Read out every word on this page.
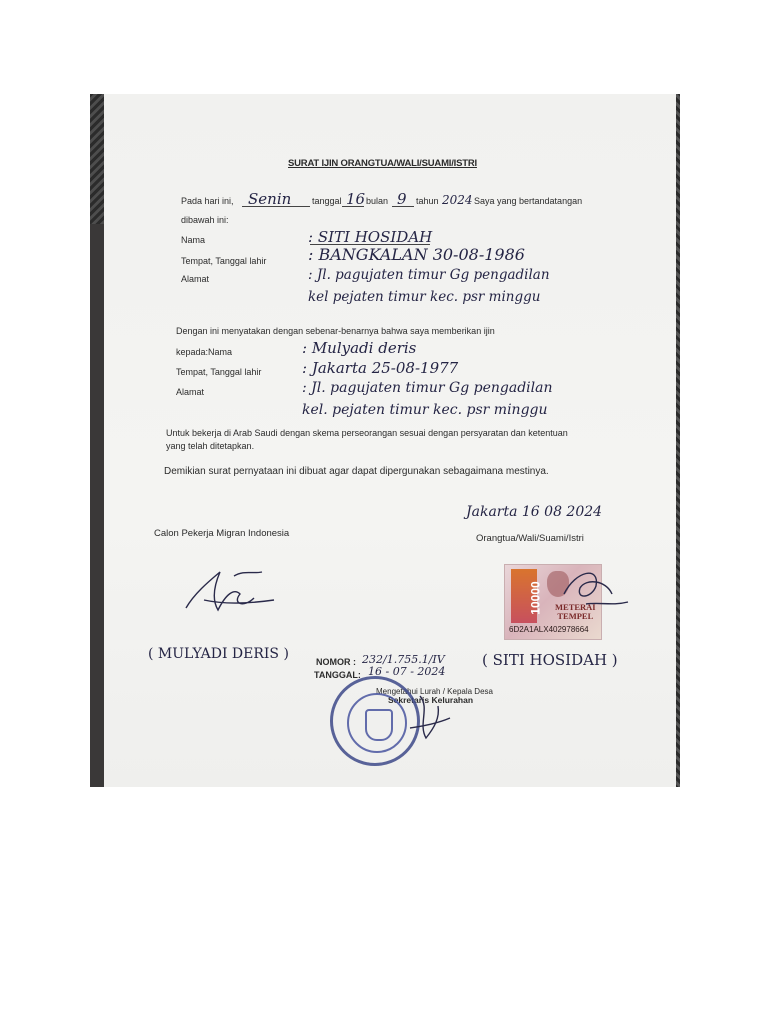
SURAT IJIN ORANGTUA/WALI/SUAMI/ISTRI
Pada hari ini, Senin tanggal 16 bulan 9 tahun 2024 Saya yang bertandatangan
dibawah ini:
Nama	: SITI HOSIDAH
Tempat, Tanggal lahir	: BANGKALAN 30-08-1986
Alamat	: Jl. pagujaten timur Gg pengadilan
kel pejaten timur kec. psr minggu
Dengan ini menyatakan dengan sebenar-benarnya bahwa saya memberikan ijin
kepada:Nama	: Mulyadi deris
Tempat, Tanggal lahir	: Jakarta 25-08-1977
Alamat	: Jl. pagujaten timur Gg pengadilan
kel. pejaten timur kec. psr minggu
Untuk bekerja di Arab Saudi dengan skema perseorangan sesuai dengan persyaratan dan ketentuan
yang telah ditetapkan.
Demikian surat pernyataan ini dibuat agar dapat dipergunakan sebagaimana mestinya.
Jakarta 16 08 2024
Calon Pekerja Migran Indonesia	Orangtua/Wali/Suami/Istri
10000 METERAI
TEMPEL
6D2A1ALX402978664
( MULYADI DERIS )	( SITI HOSIDAH )
NOMOR : 232/1.755.1/IV
TANGGAL: 16 - 07 - 2024
Mengetahui Lurah / Kepala Desa
Sekretaris Kelurahan
